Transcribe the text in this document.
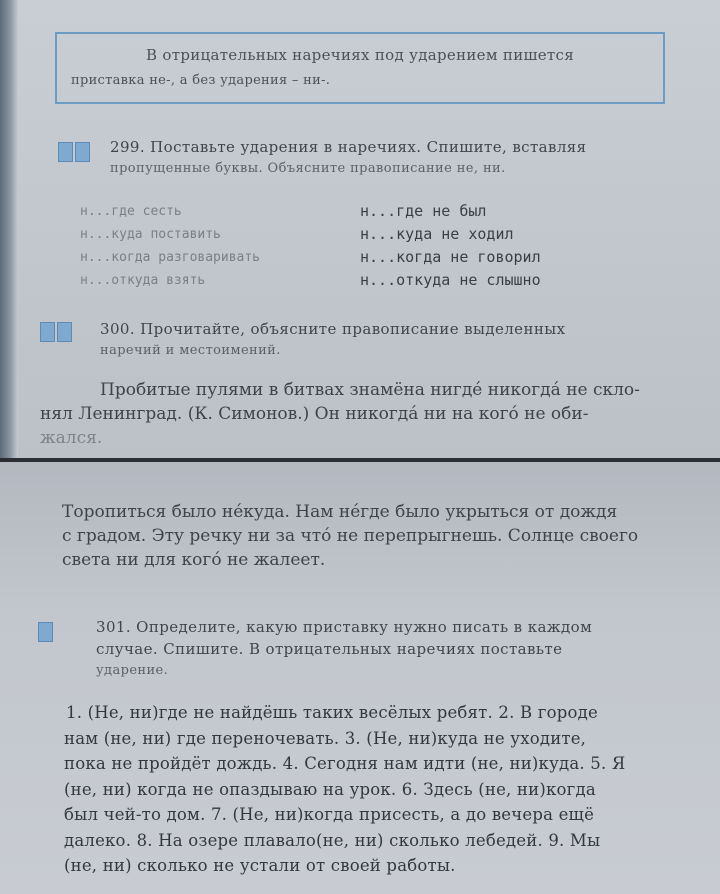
В отрицательных наречиях под ударением пишется
приставка не-, а без ударения – ни-.
299. Поставьте ударения в наречиях. Спишите, вставляя
пропущенные буквы. Объясните правописание не, ни.
н...где сесть
н...куда поставить
н...когда разговаривать
н...откуда взять
н...где не был
н...куда не ходил
н...когда не говорил
н...откуда не слышно
300. Прочитайте, объясните правописание выделенных
наречий и местоимений.
Пробитые пулями в битвах знамёна нигдé никогдá не скло-
нял Ленинград. (К. Симонов.) Он никогдá ни на когó не оби-
жался.
Торопиться было нéкуда. Нам нéгде было укрыться от дождя
с градом. Эту речку ни за чтó не перепрыгнешь. Солнце своего
света ни для когó не жалеет.
301. Определите, какую приставку нужно писать в каждом
случае. Спишите. В отрицательных наречиях поставьте
ударение.
1. (Не, ни)где не найдёшь таких весёлых ребят. 2. В городе
нам (не, ни) где переночевать. 3. (Не, ни)куда не уходите,
пока не пройдёт дождь. 4. Сегодня нам идти (не, ни)куда. 5. Я
(не, ни) когда не опаздываю на урок. 6. Здесь (не, ни)когда
был чей-то дом. 7. (Не, ни)когда присесть, а до вечера ещё
далеко. 8. На озере плавало(не, ни) сколько лебедей. 9. Мы
(не, ни) сколько не устали от своей работы.
